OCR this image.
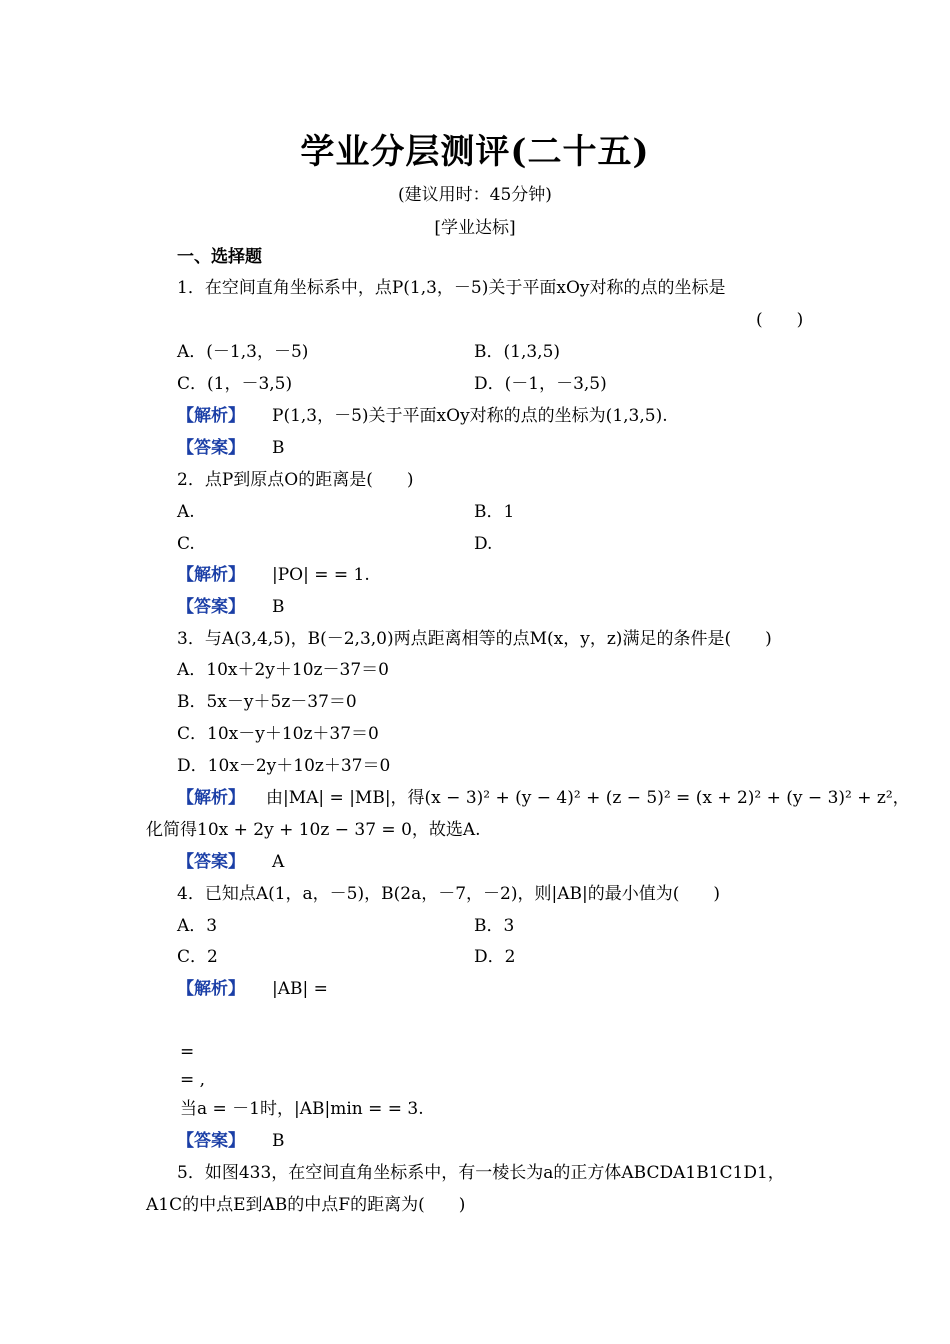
学业分层测评(二十五)
(建议用时：45分钟)
[学业达标]
一、选择题
1．在空间直角坐标系中，点P(1,3，－5)关于平面xOy对称的点的坐标是
(　　)
A．(－1,3，－5)	B．(1,3,5)
C．(1，－3,5)	D．(－1，－3,5)
【解析】 P(1,3，－5)关于平面xOy对称的点的坐标为(1,3,5).
【答案】 B
2．点P到原点O的距离是(　　)
A.	B．1
C.	D.
【解析】 |PO| = = 1.
【答案】 B
3．与A(3,4,5)，B(－2,3,0)两点距离相等的点M(x，y，z)满足的条件是(　　)
A．10x＋2y＋10z－37＝0
B．5x－y＋5z－37＝0
C．10x－y＋10z＋37＝0
D．10x－2y＋10z＋37＝0
【解析】 由|MA| = |MB|，得(x − 3)² + (y − 4)² + (z − 5)² = (x + 2)² + (y − 3)² + z²，
化简得10x + 2y + 10z − 37 = 0，故选A.
【答案】 A
4．已知点A(1，a，－5)，B(2a，－7，－2)，则|AB|的最小值为(　　)
A．3	B．3
C．2	D．2
【解析】 |AB| =
=
= ,
当a = －1时，|AB|min = = 3.
【答案】 B
5．如图433，在空间直角坐标系中，有一棱长为a的正方体ABCDA1B1C1D1，
A1C的中点E到AB的中点F的距离为(　　)
